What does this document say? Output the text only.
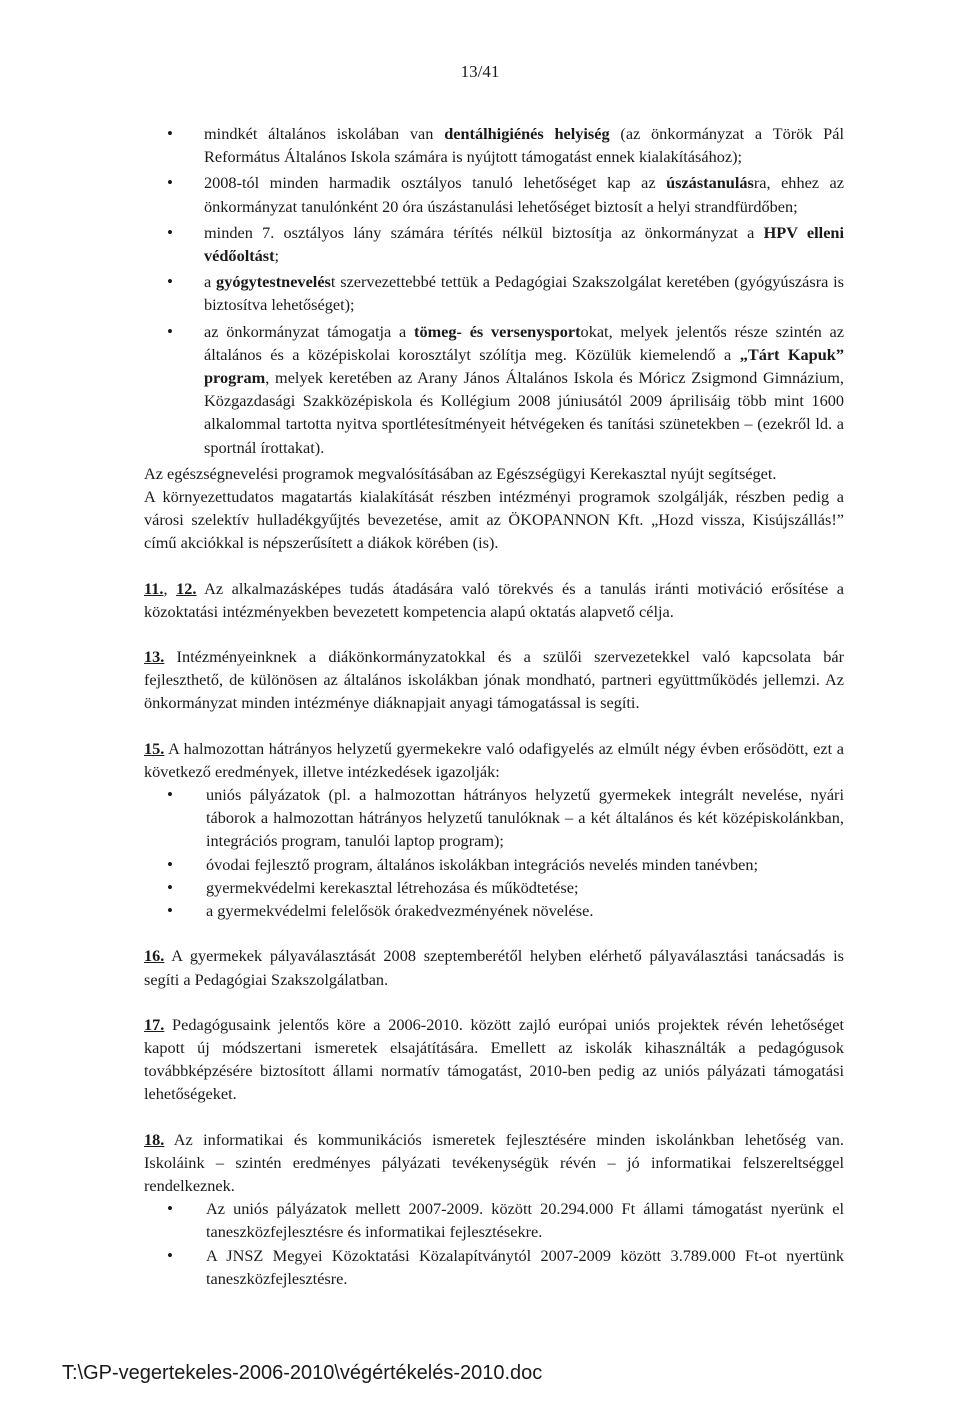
13/41
• mindkét általános iskolában van dentálhigiénés helyiség (az önkormányzat a Török Pál Református Általános Iskola számára is nyújtott támogatást ennek kialakításához);
• 2008-tól minden harmadik osztályos tanuló lehetőséget kap az úszástanulásra, ehhez az önkormányzat tanulónként 20 óra úszástanulási lehetőséget biztosít a helyi strandfürdőben;
• minden 7. osztályos lány számára térítés nélkül biztosítja az önkormányzat a HPV elleni védőoltást;
• a gyógytestnevelést szervezettebbé tettük a Pedagógiai Szakszolgálat keretében (gyógyúszásra is biztosítva lehetőséget);
• az önkormányzat támogatja a tömeg- és versenysportokat, melyek jelentős része szintén az általános és a középiskolai korosztályt szólítja meg. Közülük kiemelendő a „Tárt Kapuk” program, melyek keretében az Arany János Általános Iskola és Móricz Zsigmond Gimnázium, Közgazdasági Szakközépiskola és Kollégium 2008 júniusától 2009 áprilisáig több mint 1600 alkalommal tartotta nyitva sportlétesítményeit hétvégeken és tanítási szünetekben – (ezekről ld. a sportnál írottakat).

Az egészségnevelési programok megvalósításában az Egészségügyi Kerekasztal nyújt segítséget.

A környezettudatos magatartás kialakítását részben intézményi programok szolgálják, részben pedig a városi szelektív hulladékgyűjtés bevezetése, amit az ÖKOPANNON Kft. „Hozd vissza, Kisújszállás!” című akciókkal is népszerűsített a diákok körében (is).

11., 12. Az alkalmazásképes tudás átadására való törekvés és a tanulás iránti motiváció erősítése a közoktatási intézményekben bevezetett kompetencia alapú oktatás alapvető célja.

13. Intézményeinknek a diákönkormányzatokkal és a szülői szervezetekkel való kapcsolata bár fejleszthető, de különösen az általános iskolákban jónak mondható, partneri együttműködés jellemzi. Az önkormányzat minden intézménye diáknapjait anyagi támogatással is segíti.

15. A halmozottan hátrányos helyzetű gyermekekre való odafigyelés az elmúlt négy évben erősödött, ezt a következő eredmények, illetve intézkedések igazolják:

• uniós pályázatok (pl. a halmozottan hátrányos helyzetű gyermekek integrált nevelése, nyári táborok a halmozottan hátrányos helyzetű tanulóknak – a két általános és két középiskolánkban, integrációs program, tanulói laptop program);
• óvodai fejlesztő program, általános iskolákban integrációs nevelés minden tanévben;
• gyermekvédelmi kerekasztal létrehozása és működtetése;
• a gyermekvédelmi felelősök órakedvezményének növelése.

16. A gyermekek pályaválasztását 2008 szeptemberétől helyben elérhető pályaválasztási tanácsadás is segíti a Pedagógiai Szakszolgálatban.

17. Pedagógusaink jelentős köre a 2006-2010. között zajló európai uniós projektek révén lehetőséget kapott új módszertani ismeretek elsajátítására. Emellett az iskolák kihasználták a pedagógusok továbbképzésére biztosított állami normatív támogatást, 2010-ben pedig az uniós pályázati támogatási lehetőségeket.

18. Az informatikai és kommunikációs ismeretek fejlesztésére minden iskolánkban lehetőség van. Iskoláink – szintén eredményes pályázati tevékenységük révén – jó informatikai felszereltséggel rendelkeznek.

• Az uniós pályázatok mellett 2007-2009. között 20.294.000 Ft állami támogatást nyerünk el taneszközfejlesztésre és informatikai fejlesztésekre.
• A JNSZ Megyei Közoktatási Közalapítványtól 2007-2009 között 3.789.000 Ft-ot nyertünk taneszközfejlesztésre.
T:\GP-vegertekeles-2006-2010\végértékelés-2010.doc
